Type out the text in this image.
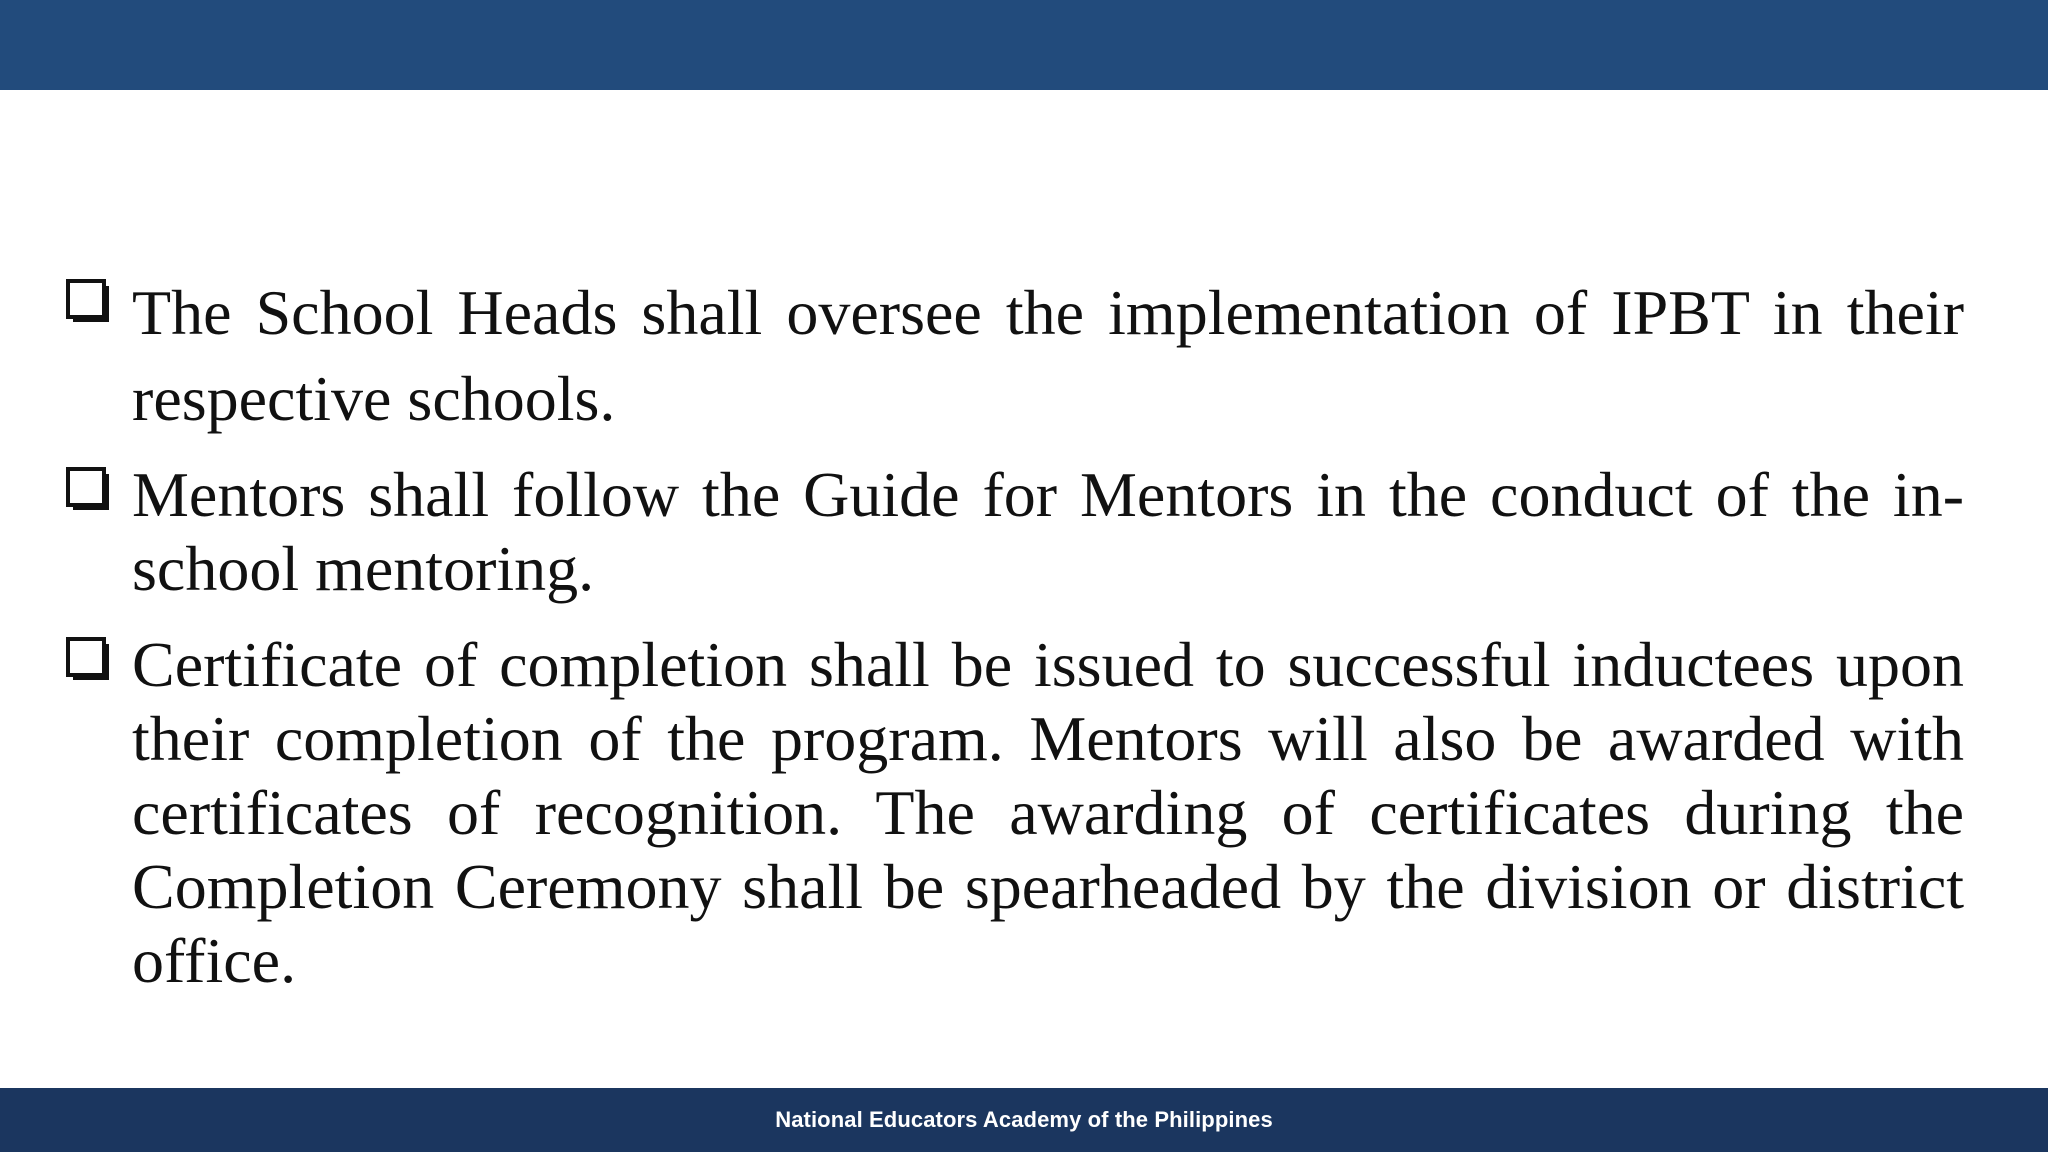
The School Heads shall oversee the implementation of IPBT in their respective schools.
Mentors shall follow the Guide for Mentors in the conduct of the in-school mentoring.
Certificate of completion shall be issued to successful inductees upon their completion of the program. Mentors will also be awarded with certificates of recognition. The awarding of certificates during the Completion Ceremony shall be spearheaded by the division or district office.
National Educators Academy of the Philippines
